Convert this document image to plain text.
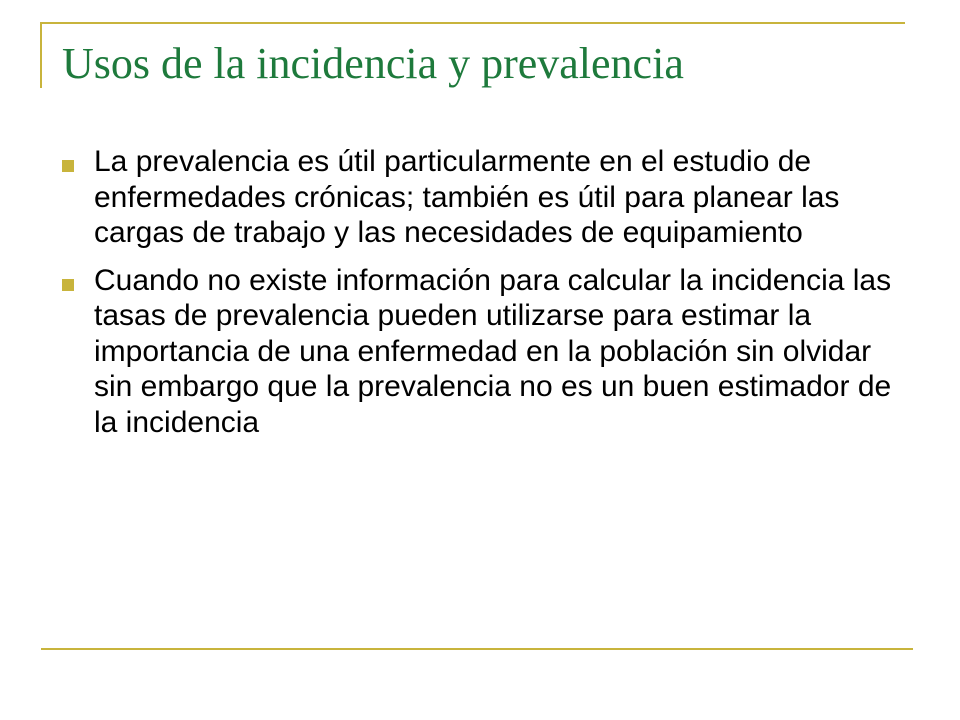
Usos de la incidencia y prevalencia
La prevalencia es útil particularmente en el estudio de enfermedades crónicas; también es útil para planear las cargas de trabajo y las necesidades de equipamiento
Cuando no existe información para calcular la incidencia las tasas de prevalencia pueden utilizarse para estimar la importancia de una enfermedad en la población sin olvidar sin embargo que la prevalencia no es un buen estimador de la incidencia
